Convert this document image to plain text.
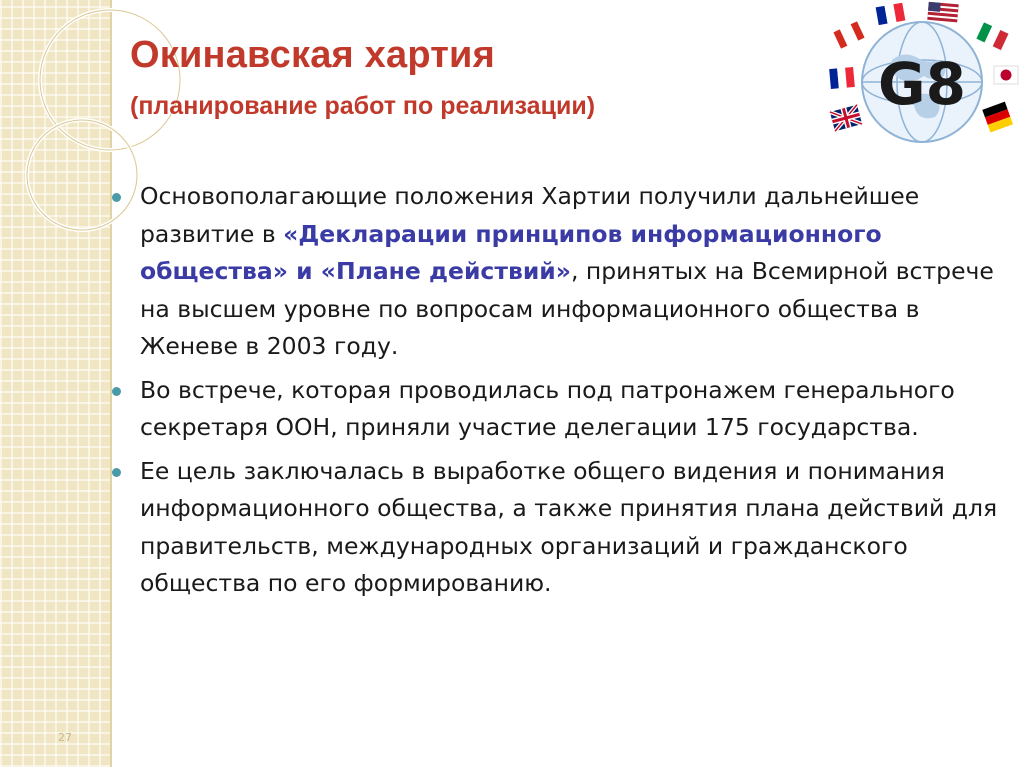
Окинавская хартия
(планирование работ по реализации)	G8
Основополагающие положения Хартии получили дальнейшее развитие в «Декларации принципов информационного общества» и «Плане действий», принятых на Всемирной встрече на высшем уровне по вопросам информационного общества в Женеве в 2003 году.
Во встрече, которая проводилась под патронажем генерального секретаря ООН, приняли участие делегации 175 государства.
Ее цель заключалась в выработке общего видения и понимания информационного общества, а также принятия плана действий для правительств, международных организаций и гражданского общества по его формированию.
27
